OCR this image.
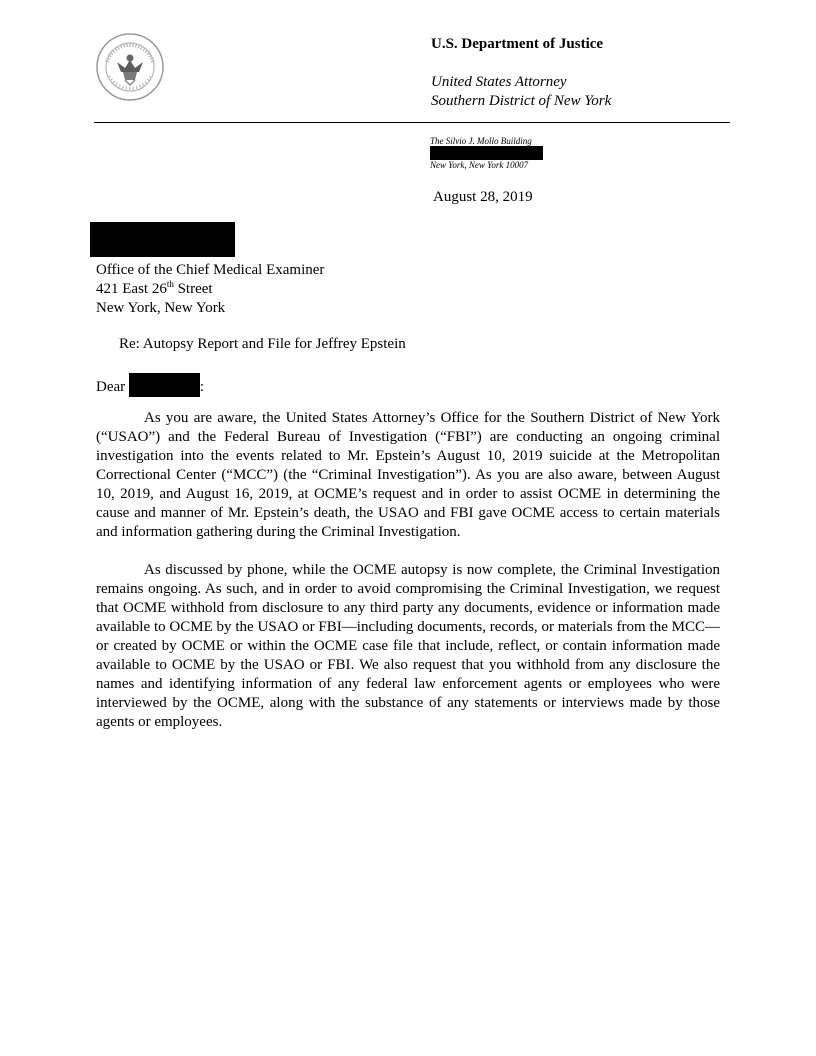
U.S. Department of Justice
United States Attorney
Southern District of New York
The Silvio J. Mollo Building
New York, New York 10007
August 28, 2019
Office of the Chief Medical Examiner
421 East 26th Street
New York, New York
Re: Autopsy Report and File for Jeffrey Epstein
Dear	:

As you are aware, the United States Attorney’s Office for the Southern District of New York (“USAO”) and the Federal Bureau of Investigation (“FBI”) are conducting an ongoing criminal investigation into the events related to Mr. Epstein’s August 10, 2019 suicide at the Metropolitan Correctional Center (“MCC”) (the “Criminal Investigation”). As you are also aware, between August 10, 2019, and August 16, 2019, at OCME’s request and in order to assist OCME in determining the cause and manner of Mr. Epstein’s death, the USAO and FBI gave OCME access to certain materials and information gathering during the Criminal Investigation.

As discussed by phone, while the OCME autopsy is now complete, the Criminal Investigation remains ongoing. As such, and in order to avoid compromising the Criminal Investigation, we request that OCME withhold from disclosure to any third party any documents, evidence or information made available to OCME by the USAO or FBI—including documents, records, or materials from the MCC—or created by OCME or within the OCME case file that include, reflect, or contain information made available to OCME by the USAO or FBI. We also request that you withhold from any disclosure the names and identifying information of any federal law enforcement agents or employees who were interviewed by the OCME, along with the substance of any statements or interviews made by those agents or employees.
